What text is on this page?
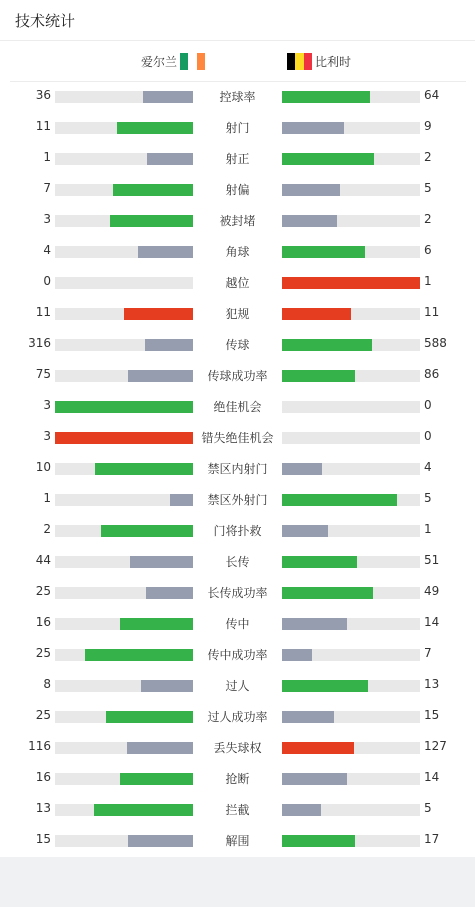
技术统计
爱尔兰	比利时
36	控球率	64
11	射门	9
1	射正	2
7	射偏	5
3	被封堵	2
4	角球	6
0	越位	1
11	犯规	11
316	传球	588
75	传球成功率	86
3	绝佳机会	0
3	错失绝佳机会	0
10	禁区内射门	4
1	禁区外射门	5
2	门将扑救	1
44	长传	51
25	长传成功率	49
16	传中	14
25	传中成功率	7
8	过人	13
25	过人成功率	15
116	丢失球权	127
16	抢断	14
13	拦截	5
15	解围	17
